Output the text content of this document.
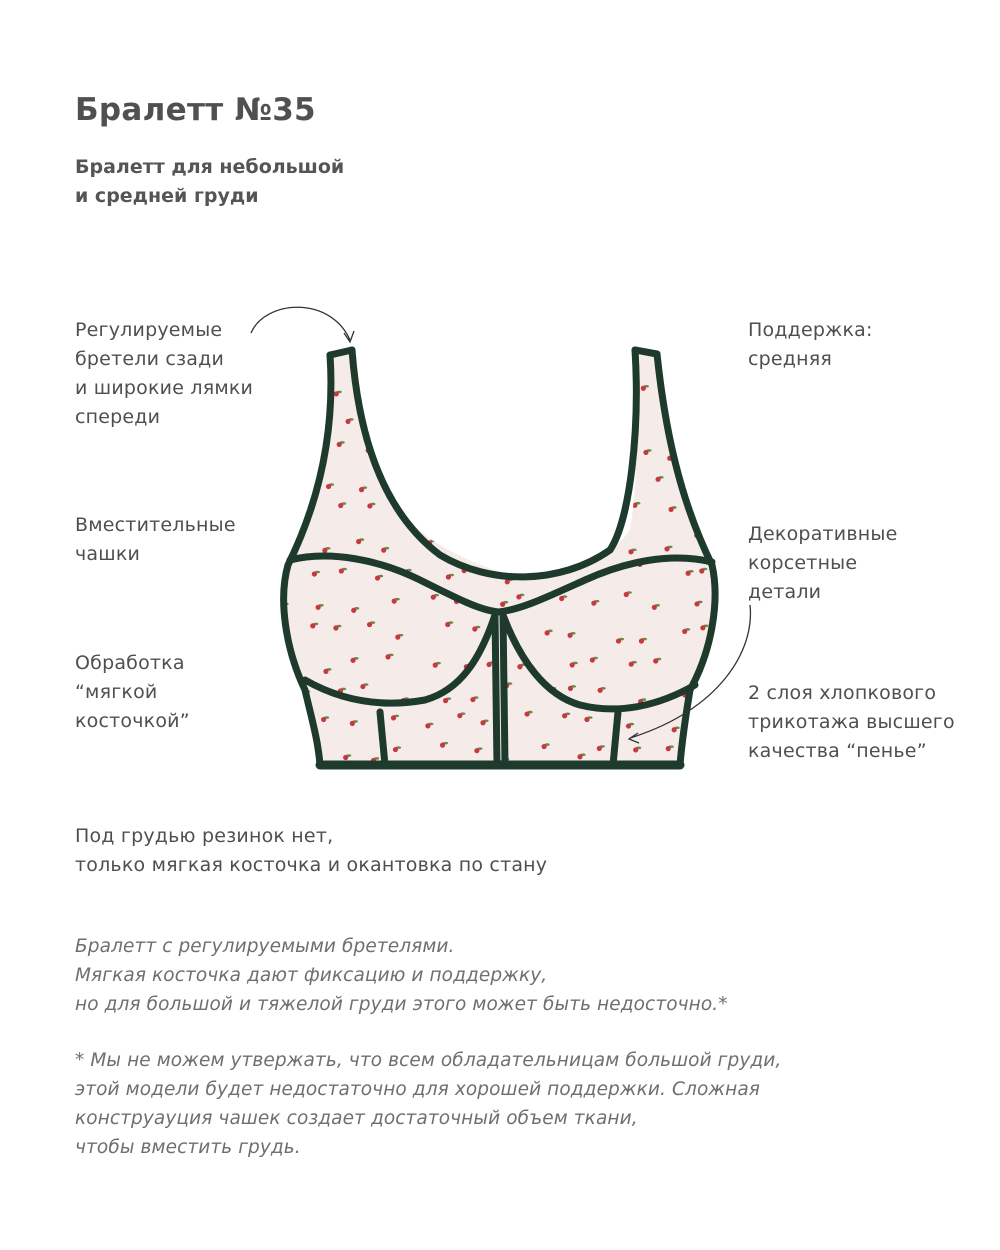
Бралетт №35
Бралетт для небольшой
и средней груди
Регулируемые
бретели сзади
и широкие лямки
спереди
Вместительные
чашки
Обработка
“мягкой
косточкой”
Поддержка:
средняя
Декоративные
корсетные
детали
2 слоя хлопкового
трикотажа высшего
качества “пенье”
Под грудью резинок нет,
только мягкая косточка и окантовка по стану
Бралетт с регулируемыми бретелями.
Мягкая косточка дают фиксацию и поддержку,
но для большой и тяжелой груди этого может быть недосточно.*
* Мы не можем утвержать, что всем обладательницам большой груди,
этой модели будет недостаточно для хорошей поддержки. Сложная
конструауция чашек создает достаточный объем ткани,
чтобы вместить грудь.
